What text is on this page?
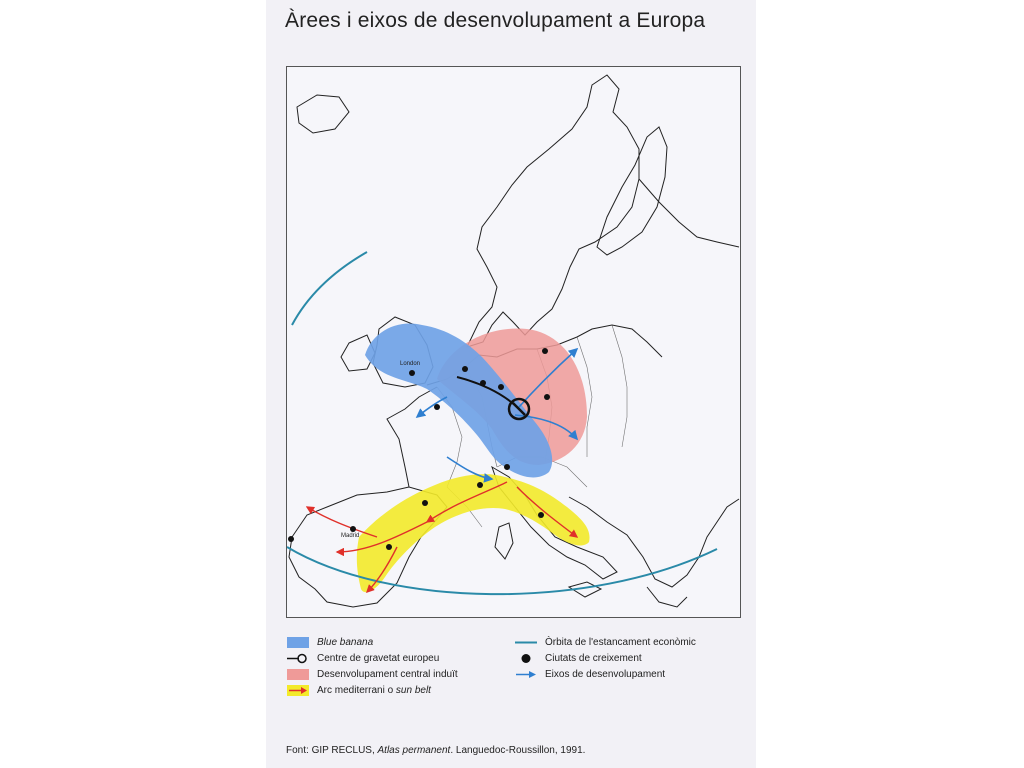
Àrees i eixos de desenvolupament a Europa
London
Madrid
Blue banana
Centre de gravetat europeu
Desenvolupament central induït
Arc mediterrani o
sun belt
Òrbita de l'estancament econòmic
Ciutats de creixement
Eixos de desenvolupament
Font: GIP RECLUS, Atlas permanent. Languedoc-Roussillon, 1991.
